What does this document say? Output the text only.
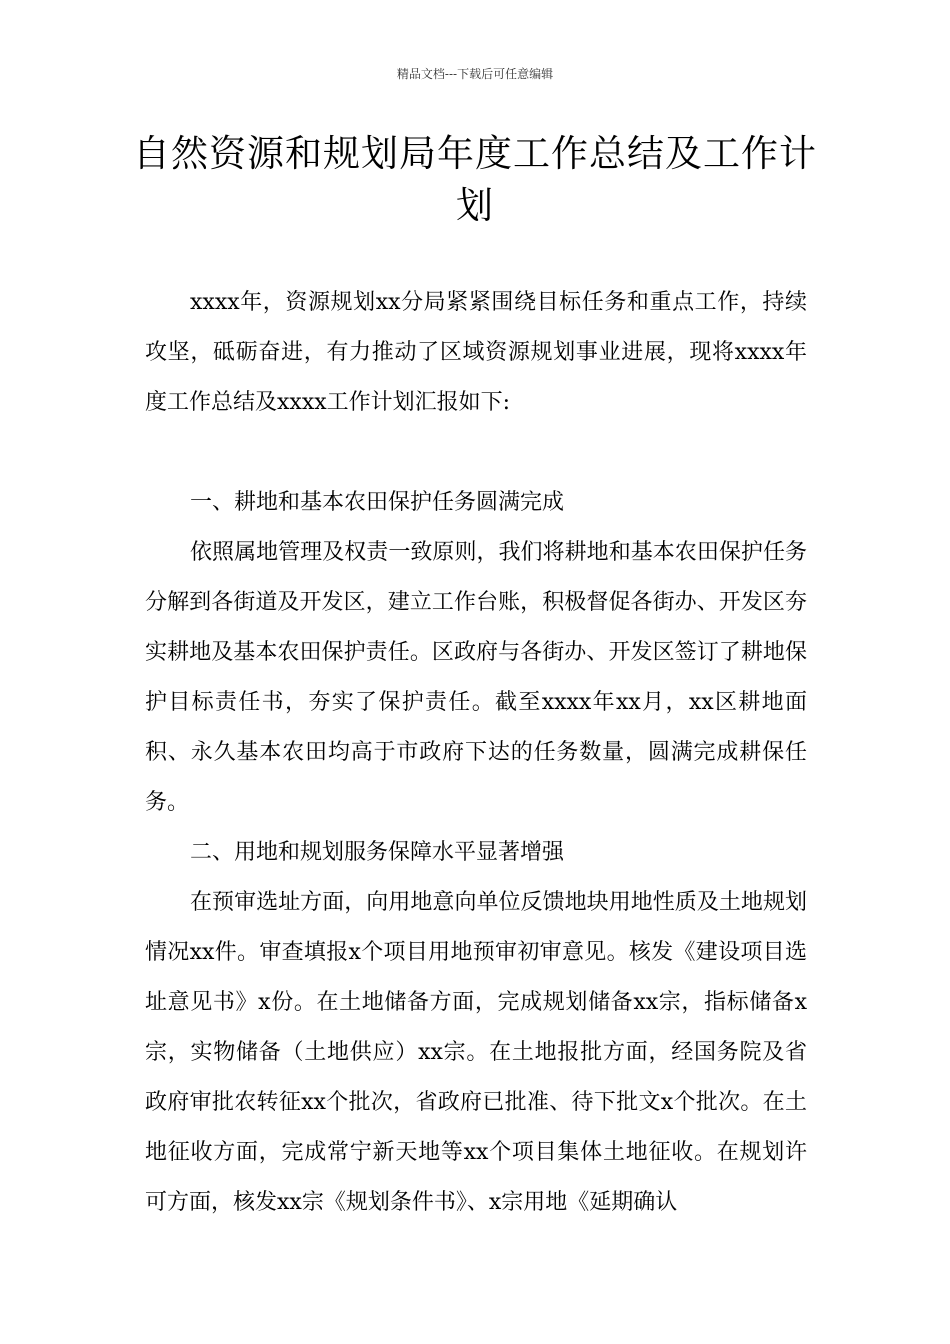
精品文档---下载后可任意编辑
自然资源和规划局年度工作总结及工作计划

xxxx年，资源规划xx分局紧紧围绕目标任务和重点工作，持续攻坚，砥砺奋进，有力推动了区域资源规划事业进展，现将xxxx年度工作总结及xxxx工作计划汇报如下:

一、耕地和基本农田保护任务圆满完成

依照属地管理及权责一致原则，我们将耕地和基本农田保护任务分解到各街道及开发区，建立工作台账，积极督促各街办、开发区夯实耕地及基本农田保护责任。区政府与各街办、开发区签订了耕地保护目标责任书，夯实了保护责任。截至xxxx年xx月，xx区耕地面积、永久基本农田均高于市政府下达的任务数量，圆满完成耕保任务。

二、用地和规划服务保障水平显著增强

在预审选址方面，向用地意向单位反馈地块用地性质及土地规划情况xx件。审查填报x个项目用地预审初审意见。核发《建设项目选址意见书》x份。在土地储备方面，完成规划储备xx宗，指标储备x宗，实物储备（土地供应）xx宗。在土地报批方面，经国务院及省政府审批农转征xx个批次，省政府已批准、待下批文x个批次。在土地征收方面，完成常宁新天地等xx个项目集体土地征收。在规划许可方面，核发xx宗《规划条件书》、x宗用地《延期确认
